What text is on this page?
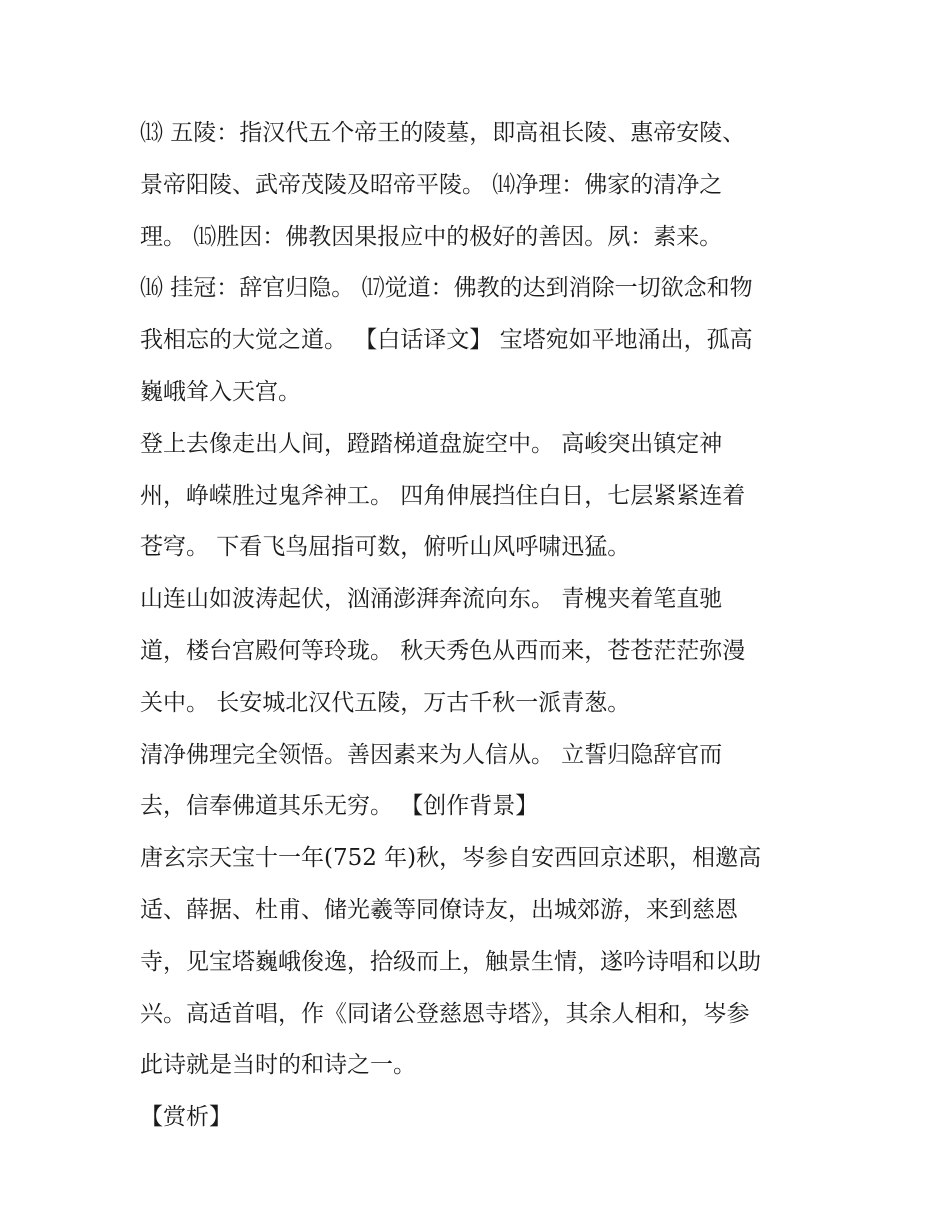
⒀ 五陵：指汉代五个帝王的陵墓，即高祖长陵、惠帝安陵、
景帝阳陵、武帝茂陵及昭帝平陵。 ⒁净理：佛家的清净之
理。 ⒂胜因：佛教因果报应中的极好的善因。夙：素来。
⒃ 挂冠：辞官归隐。 ⒄觉道：佛教的达到消除一切欲念和物
我相忘的大觉之道。 【白话译文】 宝塔宛如平地涌出，孤高
巍峨耸入天宫。
登上去像走出人间，蹬踏梯道盘旋空中。 高峻突出镇定神
州，峥嵘胜过鬼斧神工。 四角伸展挡住白日，七层紧紧连着
苍穹。 下看飞鸟屈指可数，俯听山风呼啸迅猛。
山连山如波涛起伏，汹涌澎湃奔流向东。 青槐夹着笔直驰
道，楼台宫殿何等玲珑。 秋天秀色从西而来，苍苍茫茫弥漫
关中。 长安城北汉代五陵，万古千秋一派青葱。
清净佛理完全领悟。善因素来为人信从。 立誓归隐辞官而
去，信奉佛道其乐无穷。 【创作背景】
唐玄宗天宝十一年(752 年)秋，岑参自安西回京述职，相邀高
适、薛据、杜甫、储光羲等同僚诗友，出城郊游，来到慈恩
寺，见宝塔巍峨俊逸，拾级而上，触景生情，遂吟诗唱和以助
兴。高适首唱，作《同诸公登慈恩寺塔》，其余人相和，岑参
此诗就是当时的和诗之一。
【赏析】
